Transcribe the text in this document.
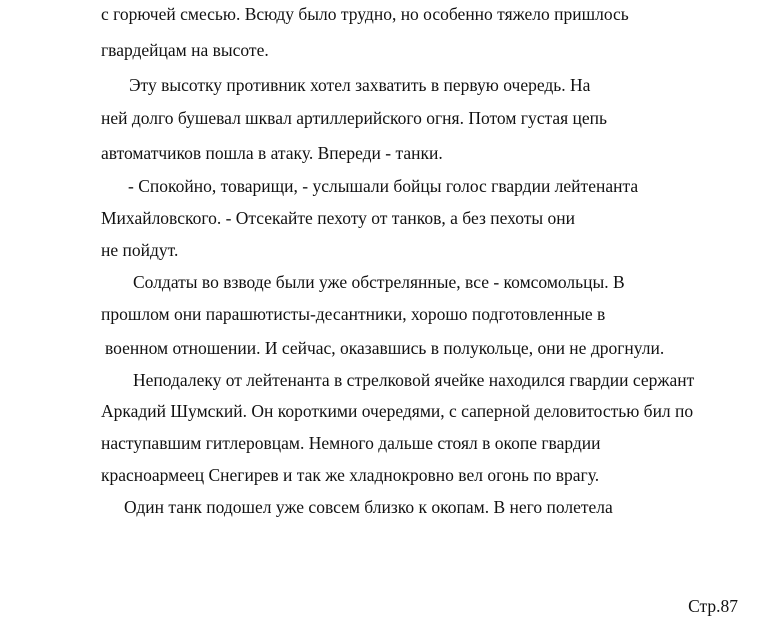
с горючей смесью. Всюду было трудно, но особенно тяжело пришлось

гвардейцам на высоте.

Эту высотку противник хотел захватить в первую очередь. На

ней долго бушевал шквал артиллерийского огня. Потом густая цепь

автоматчиков пошла в атаку. Впереди - танки.

- Спокойно, товарищи, - услышали бойцы голос гвардии лейтенанта

Михайловского. - Отсекайте пехоту от танков, а без пехоты они

не пойдут.

Солдаты во взводе были уже обстрелянные, все - комсомольцы. В

прошлом они парашютисты-десантники, хорошо подготовленные в

военном отношении. И сейчас, оказавшись в полукольце, они не дрогнули.

Неподалеку от лейтенанта в стрелковой ячейке находился гвардии сержант

Аркадий Шумский. Он короткими очередями, с саперной деловитостью бил по

наступавшим гитлеровцам. Немного дальше стоял в окопе гвардии

красноармеец Снегирев и так же хладнокровно вел огонь по врагу.

Один танк подошел уже совсем близко к окопам. В него полетела

Стр.87
